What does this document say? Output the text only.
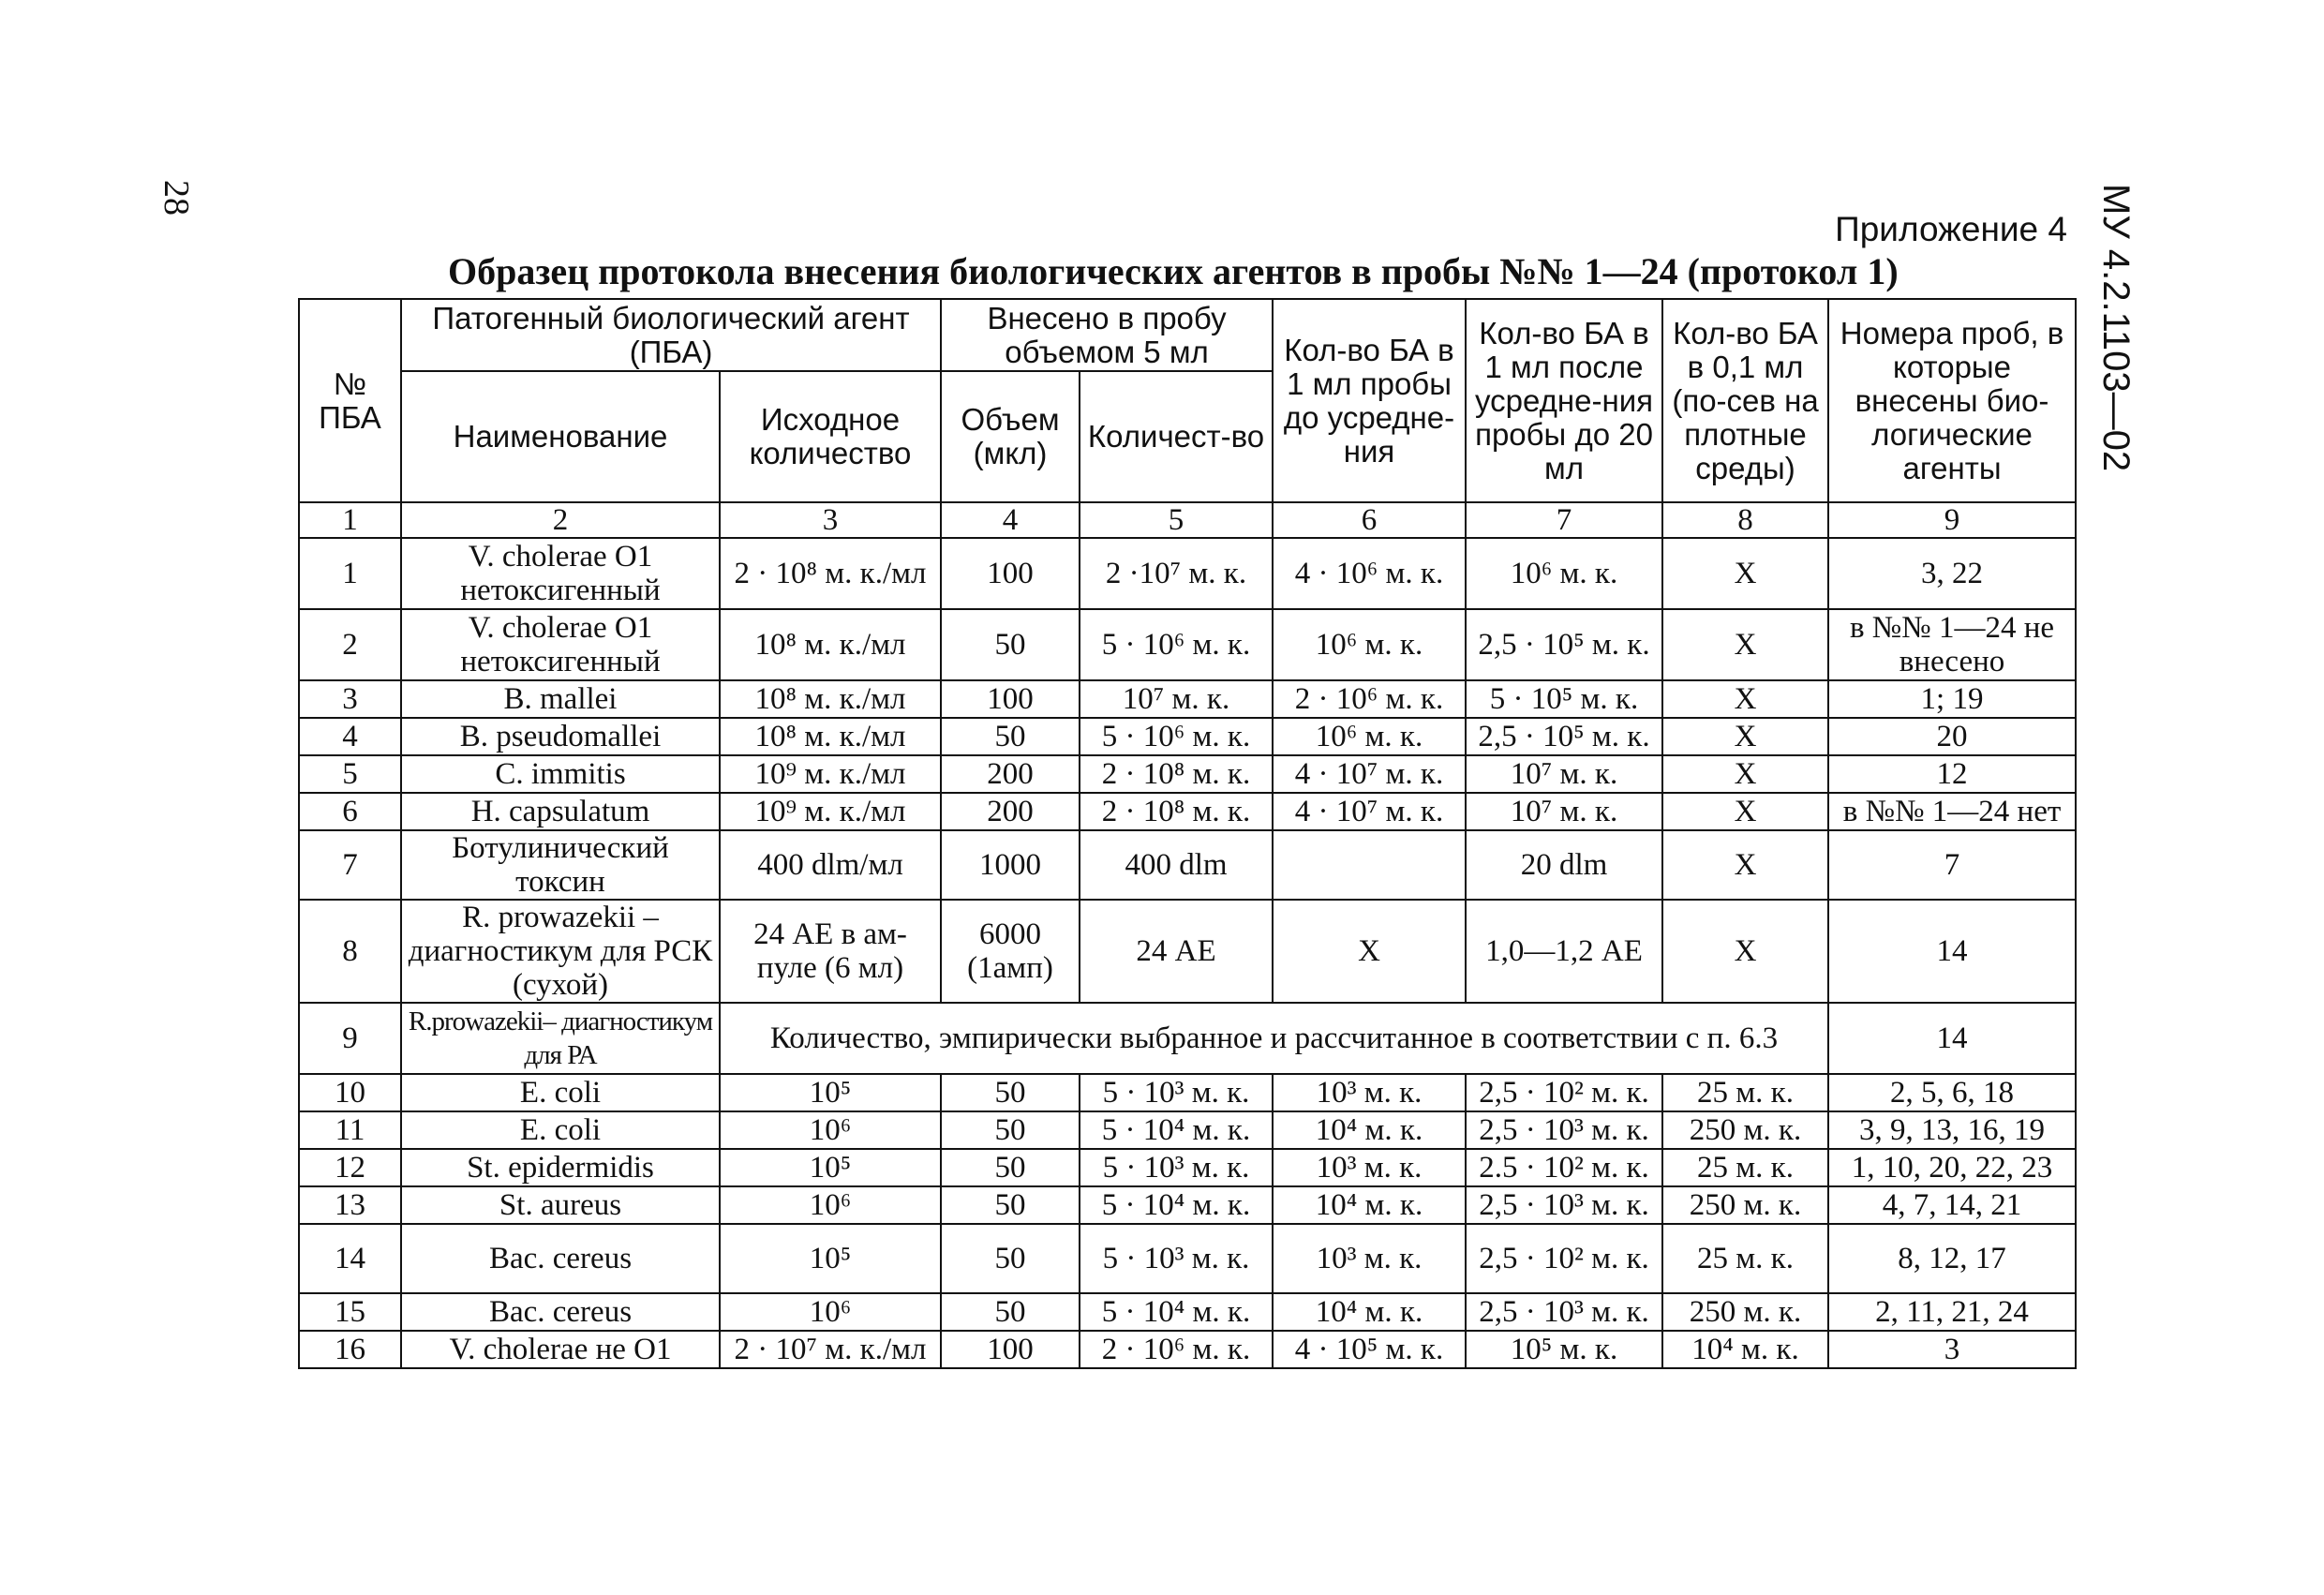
28	МУ 4.2.1103—02
Приложение 4
Образец протокола внесения биологических агентов в пробы №№ 1—24 (протокол 1)
№ ПБА	Патогенный биологический агент (ПБА)		Внесено в пробу объемом 5 мл		Кол-во БА в 1 мл пробы до усредне-ния	Кол-во БА в 1 мл после усредне-ния пробы до 20 мл	Кол-во БА в 0,1 мл (по-сев на плотные среды)	Номера проб, в которые внесены био-логические агенты
	Наименование	Исходное количество	Объем (мкл)	Количест-во				
1	2	3	4	5	6	7	8	9
1	V. cholerae O1 нетоксигенный	2 · 10⁸ м. к./мл	100	2 ·10⁷ м. к.	4 · 10⁶ м. к.	10⁶ м. к.	X	3, 22
2	V. cholerae O1 нетоксигенный	10⁸ м. к./мл	50	5 · 10⁶ м. к.	10⁶ м. к.	2,5 · 10⁵ м. к.	X	в №№ 1—24 не внесено
3	B. mallei	10⁸ м. к./мл	100	10⁷ м. к.	2 · 10⁶ м. к.	5 · 10⁵ м. к.	X	1; 19
4	B. pseudomallei	10⁸ м. к./мл	50	5 · 10⁶ м. к.	10⁶ м. к.	2,5 · 10⁵ м. к.	X	20
5	C. immitis	10⁹ м. к./мл	200	2 · 10⁸ м. к.	4 · 10⁷ м. к.	10⁷ м. к.	X	12
6	H. capsulatum	10⁹ м. к./мл	200	2 · 10⁸ м. к.	4 · 10⁷ м. к.	10⁷ м. к.	X	в №№ 1—24 нет
7	Ботулинический токсин	400 dlm/мл	1000	400 dlm		20 dlm	X	7
8	R. prowazekii – диагностикум для РСК (сухой)	24 АЕ в ам-пуле (6 мл)	6000 (1амп)	24 АЕ	X	1,0—1,2 АЕ	X	14
9	R.prowazekii– диагностикум для РА	Количество, эмпирически выбранное и рассчитанное в соответствии с п. 6.3						14
10	E. coli	10⁵	50	5 · 10³ м. к.	10³ м. к.	2,5 · 10² м. к.	25 м. к.	2, 5, 6, 18
11	E. coli	10⁶	50	5 · 10⁴ м. к.	10⁴ м. к.	2,5 · 10³ м. к.	250 м. к.	3, 9, 13, 16, 19
12	St. epidermidis	10⁵	50	5 · 10³ м. к.	10³ м. к.	2.5 · 10² м. к.	25 м. к.	1, 10, 20, 22, 23
13	St. aureus	10⁶	50	5 · 10⁴ м. к.	10⁴ м. к.	2,5 · 10³ м. к.	250 м. к.	4, 7, 14, 21
14	Bac. cereus	10⁵	50	5 · 10³ м. к.	10³ м. к.	2,5 · 10² м. к.	25 м. к.	8, 12, 17
15	Bac. cereus	10⁶	50	5 · 10⁴ м. к.	10⁴ м. к.	2,5 · 10³ м. к.	250 м. к.	2, 11, 21, 24
16	V. cholerae не O1	2 · 10⁷ м. к./мл	100	2 · 10⁶ м. к.	4 · 10⁵ м. к.	10⁵ м. к.	10⁴ м. к.	3
